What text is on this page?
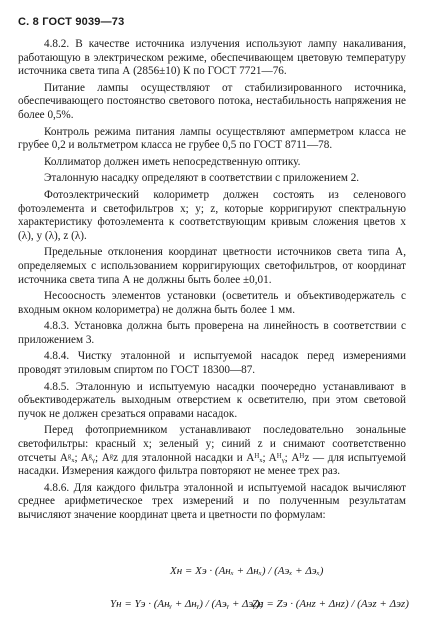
С. 8 ГОСТ 9039—73

4.8.2. В качестве источника излучения используют лампу накаливания, работающую в электрическом режиме, обеспечивающем цветовую температуру источника света типа А (2856±10) К по ГОСТ 7721—76.

Питание лампы осуществляют от стабилизированного источника, обеспечивающего постоянство светового потока, нестабильность напряжения не более 0,5%.

Контроль режима питания лампы осуществляют амперметром класса не грубее 0,2 и вольтметром класса не грубее 0,5 по ГОСТ 8711—78.

Коллиматор должен иметь непосредственную оптику.

Эталонную насадку определяют в соответствии с приложением 2.

Фотоэлектрический колориметр должен состоять из селенового фотоэлемента и светофильтров x; y; z, которые корригируют спектральную характеристику фотоэлемента к соответствующим кривым сложения цветов x (λ), y (λ), z (λ).

Предельные отклонения координат цветности источников света типа А, определяемых с использованием корригирующих светофильтров, от координат источника света типа А не должны быть более ±0,01.

Несоосность элементов установки (осветитель и объективодержатель с входным окном колориметра) не должна быть более 1 мм.

4.8.3. Установка должна быть проверена на линейность в соответствии с приложением 3.

4.8.4. Чистку эталонной и испытуемой насадок перед измерениями проводят этиловым спиртом по ГОСТ 18300—87.

4.8.5. Эталонную и испытуемую насадки поочередно устанавливают в объективодержатель выходным отверстием к осветителю, при этом световой пучок не должен срезаться оправами насадок.

Перед фотоприемником устанавливают последовательно зональные светофильтры: красный x; зеленый y; синий z и снимают соответственно отсчеты Aᵍₓ; Aᵍᵧ; Aᵍz для эталонной насадки и Aᴴₓ; Aᴴᵧ; Aᴴz — для испытуемой насадки. Измерения каждого фильтра повторяют не менее трех раз.

4.8.6. Для каждого фильтра эталонной и испытуемой насадок вычисляют среднее арифметическое трех измерений и по полученным результатам вычисляют значение координат цвета и цветности по формулам:

Xн = Xэ · (Aнₓ + Δнₓ) / (Aэₓ + Δэₓ)
Yн = Yэ · (Aнᵧ + Δнᵧ) / (Aэᵧ + Δэᵧ);
Zн = Zэ · (Aнz + Δнz) / (Aэz + Δэz)
